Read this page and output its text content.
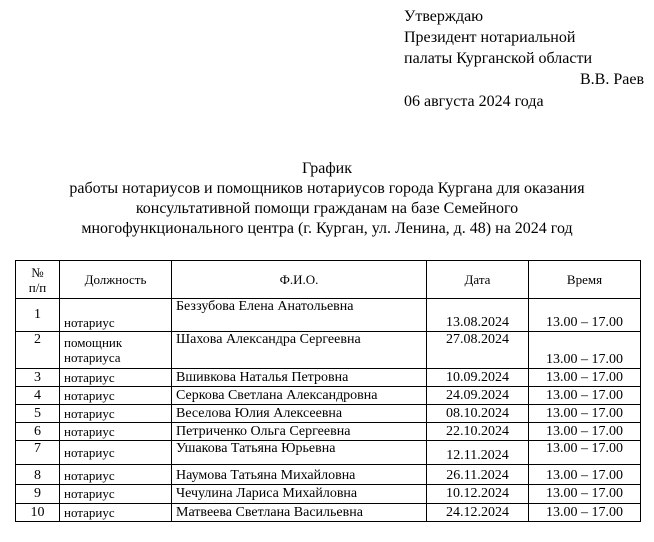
Утверждаю
Президент нотариальной
палаты Курганской области
В.В. Раев
06 августа 2024 года
График
работы нотариусов и помощников нотариусов города Кургана для оказания
консультативной помощи гражданам на базе Семейного
многофункционального центра (г. Курган, ул. Ленина, д. 48) на 2024 год
№
п/п	Должность	Ф.И.О.	Дата	Время
1	нотариус	Беззубова Елена Анатольевна	13.08.2024	13.00 – 17.00
2	помощник нотариуса	Шахова Александра Сергеевна	27.08.2024	13.00 – 17.00
3	нотариус	Вшивкова Наталья Петровна	10.09.2024	13.00 – 17.00
4	нотариус	Серкова Светлана Александровна	24.09.2024	13.00 – 17.00
5	нотариус	Веселова Юлия Алексеевна	08.10.2024	13.00 – 17.00
6	нотариус	Петриченко Ольга Сергеевна	22.10.2024	13.00 – 17.00
7	нотариус	Ушакова Татьяна Юрьевна	12.11.2024	13.00 – 17.00
8	нотариус	Наумова Татьяна Михайловна	26.11.2024	13.00 – 17.00
9	нотариус	Чечулина Лариса Михайловна	10.12.2024	13.00 – 17.00
10	нотариус	Матвеева Светлана Васильевна	24.12.2024	13.00 – 17.00
